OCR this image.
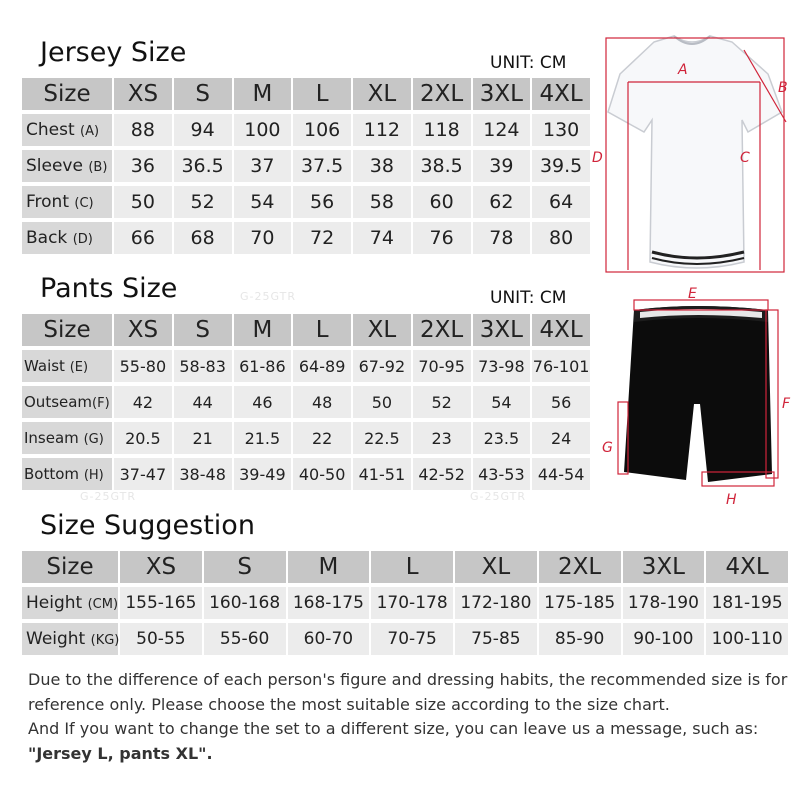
G-25GTR
G-25GTR
G-25GTR
Jersey Size	UNIT: CM
Size	XS	S	M	L	XL	2XL	3XL	4XL
Chest (A)	88	94	100	106	112	118	124	130
Sleeve (B)	36	36.5	37	37.5	38	38.5	39	39.5
Front (C)	50	52	54	56	58	60	62	64
Back (D)	66	68	70	72	74	76	78	80
A
B
C
D
Pants Size	UNIT: CM
Size	XS	S	M	L	XL	2XL	3XL	4XL
Waist (E)	55-80	58-83	61-86	64-89	67-92	70-95	73-98	76-101
Outseam(F)	42	44	46	48	50	52	54	56
Inseam (G)	20.5	21	21.5	22	22.5	23	23.5	24
Bottom (H)	37-47	38-48	39-49	40-50	41-51	42-52	43-53	44-54
E
F
G
H
Size Suggestion
Size	XS	S	M	L	XL	2XL	3XL	4XL
Height (CM)	155-165	160-168	168-175	170-178	172-180	175-185	178-190	181-195
Weight (KG)	50-55	55-60	60-70	70-75	75-85	85-90	90-100	100-110

Due to the difference of each person's figure and dressing habits, the recommended size is for reference only. Please choose the most suitable size according to the size chart.

And If you want to change the set to a different size, you can leave us a message, such as:

"Jersey L, pants XL".
